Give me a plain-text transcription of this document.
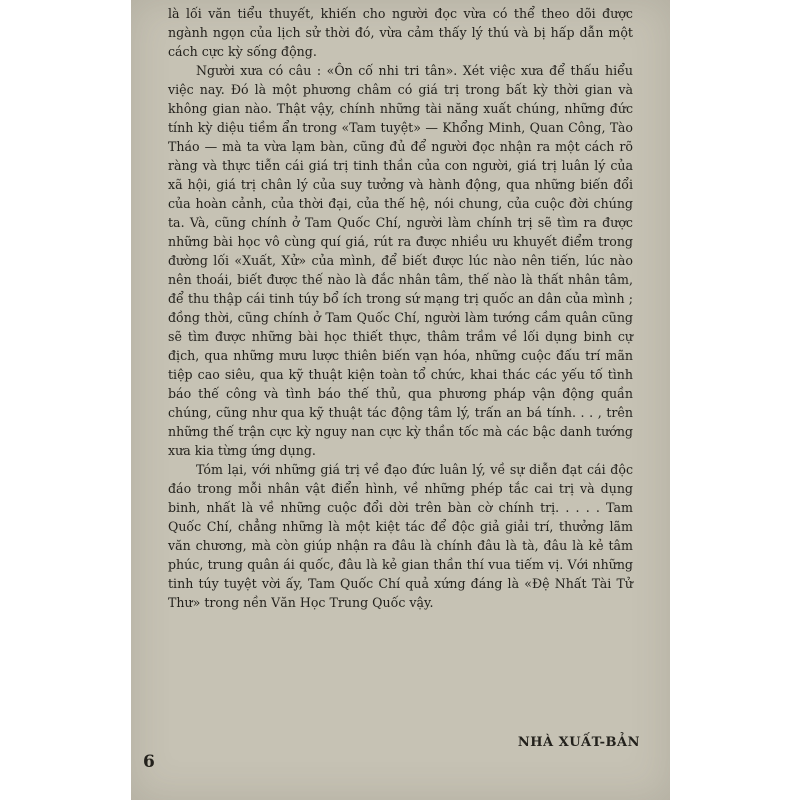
là lối văn tiểu thuyết, khiến cho người đọc vừa có thể theo dõi được ngành ngọn của lịch sử thời đó, vừa cảm thấy lý thú và bị hấp dẫn một cách cực kỳ sống động.

Người xưa có câu : «Ôn cố nhi tri tân». Xét việc xưa để thấu hiểu việc nay. Đó là một phương châm có giá trị trong bất kỳ thời gian và không gian nào. Thật vậy, chính những tài năng xuất chúng, những đức tính kỳ diệu tiềm ẩn trong «Tam tuyệt» — Khổng Minh, Quan Công, Tào Tháo — mà ta vừa lạm bàn, cũng đủ để người đọc nhận ra một cách rõ ràng và thực tiễn cái giá trị tinh thần của con người, giá trị luân lý của xã hội, giá trị chân lý của suy tưởng và hành động, qua những biến đổi của hoàn cảnh, của thời đại, của thế hệ, nói chung, của cuộc đời chúng ta. Và, cũng chính ở Tam Quốc Chí, người làm chính trị sẽ tìm ra được những bài học vô cùng quí giá, rút ra được nhiều ưu khuyết điểm trong đường lối «Xuất, Xử» của mình, để biết được lúc nào nên tiến, lúc nào nên thoái, biết được thế nào là đắc nhân tâm, thế nào là thất nhân tâm, để thu thập cái tinh túy bổ ích trong sứ mạng trị quốc an dân của mình ; đồng thời, cũng chính ở Tam Quốc Chí, người làm tướng cầm quân cũng sẽ tìm được những bài học thiết thực, thâm trầm về lối dụng binh cự địch, qua những mưu lược thiên biến vạn hóa, những cuộc đấu trí mãn tiệp cao siêu, qua kỹ thuật kiện toàn tổ chức, khai thác các yếu tố tình báo thế công và tình báo thế thủ, qua phương pháp vận động quần chúng, cũng như qua kỹ thuật tác động tâm lý, trấn an bá tính. . . , trên những thế trận cực kỳ nguy nan cực kỳ thần tốc mà các bậc danh tướng xưa kia từng ứng dụng.

Tóm lại, với những giá trị về đạo đức luân lý, về sự diễn đạt cái độc đáo trong mỗi nhân vật điển hình, về những phép tắc cai trị và dụng binh, nhất là về những cuộc đổi dời trên bàn cờ chính trị. . . . . Tam Quốc Chí, chẳng những là một kiệt tác để độc giả giải trí, thưởng lãm văn chương, mà còn giúp nhận ra đâu là chính đâu là tà, đâu là kẻ tâm phúc, trung quân ái quốc, đâu là kẻ gian thần thí vua tiếm vị. Với những tinh túy tuyệt vời ấy, Tam Quốc Chí quả xứng đáng là «Đệ Nhất Tài Tử Thư» trong nền Văn Học Trung Quốc vậy.

NHÀ XUẤT-BẢN
6
